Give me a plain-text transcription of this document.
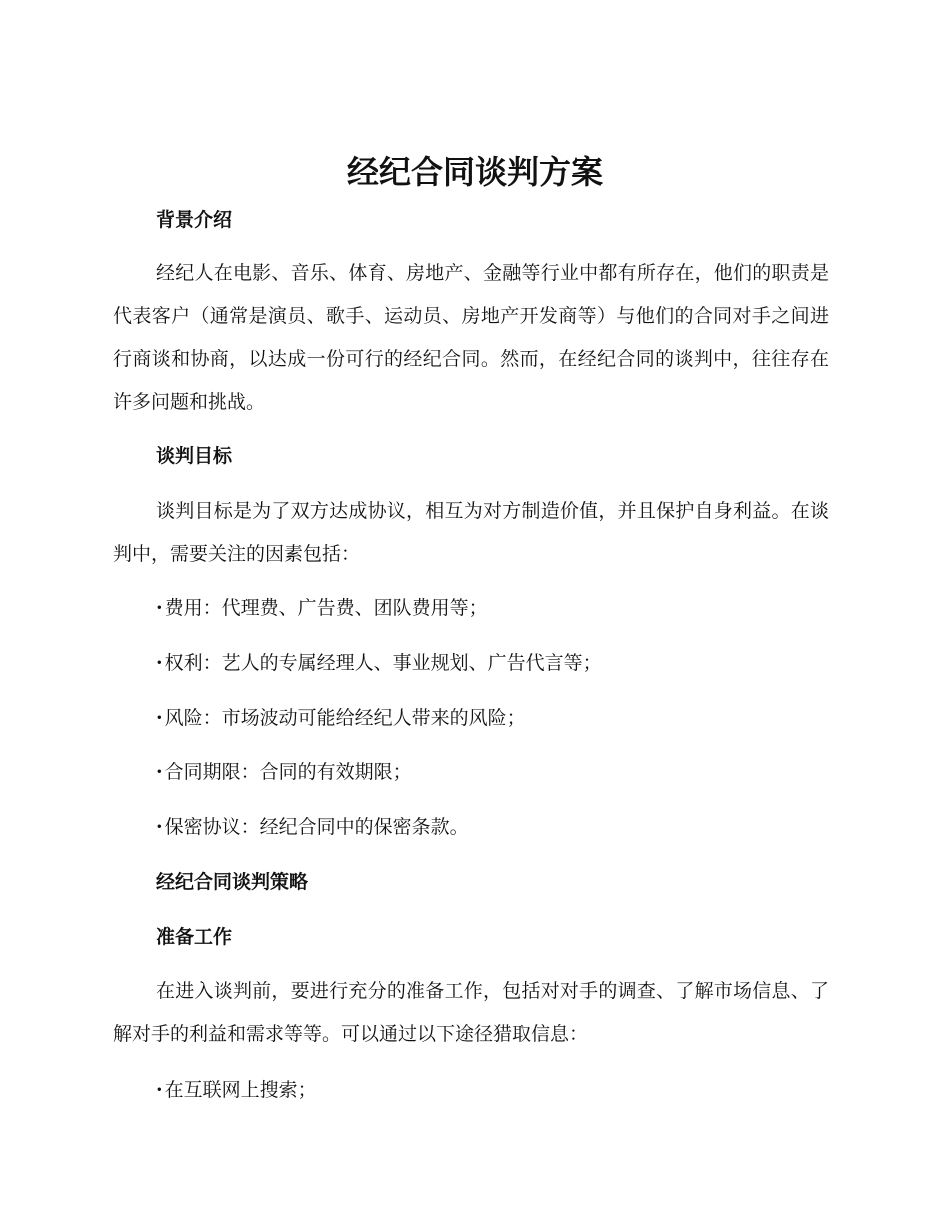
经纪合同谈判方案
背景介绍

经纪人在电影、音乐、体育、房地产、金融等行业中都有所存在，他们的职责是代表客户（通常是演员、歌手、运动员、房地产开发商等）与他们的合同对手之间进行商谈和协商，以达成一份可行的经纪合同。然而，在经纪合同的谈判中，往往存在许多问题和挑战。

谈判目标

谈判目标是为了双方达成协议，相互为对方制造价值，并且保护自身利益。在谈判中，需要关注的因素包括：

· 费用：代理费、广告费、团队费用等；

· 权利：艺人的专属经理人、事业规划、广告代言等；

· 风险：市场波动可能给经纪人带来的风险；

· 合同期限：合同的有效期限；

· 保密协议：经纪合同中的保密条款。

经纪合同谈判策略
准备工作

在进入谈判前，要进行充分的准备工作，包括对对手的调查、了解市场信息、了解对手的利益和需求等等。可以通过以下途径猎取信息：

· 在互联网上搜索；
